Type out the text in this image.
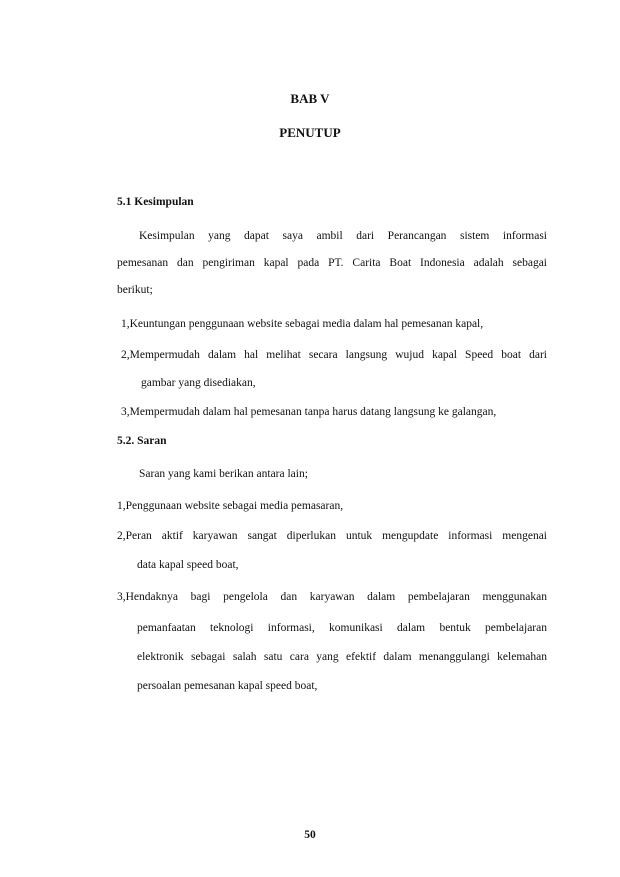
BAB V
PENUTUP
5.1 Kesimpulan
Kesimpulan yang dapat saya ambil dari Perancangan sistem informasi
pemesanan dan pengiriman kapal pada PT. Carita Boat Indonesia adalah sebagai
berikut;
1,Keuntungan penggunaan website sebagai media dalam hal pemesanan kapal,
2,Mempermudah dalam hal melihat secara langsung wujud kapal Speed boat dari
gambar yang disediakan,
3,Mempermudah dalam hal pemesanan tanpa harus datang langsung ke galangan,
5.2. Saran
Saran yang kami berikan antara lain;
1,Penggunaan website sebagai media pemasaran,
2,Peran aktif karyawan sangat diperlukan untuk mengupdate informasi mengenai
data kapal speed boat,
3,Hendaknya bagi pengelola dan karyawan dalam pembelajaran menggunakan
pemanfaatan teknologi informasi, komunikasi dalam bentuk pembelajaran
elektronik sebagai salah satu cara yang efektif dalam menanggulangi kelemahan
persoalan pemesanan kapal speed boat,
50
